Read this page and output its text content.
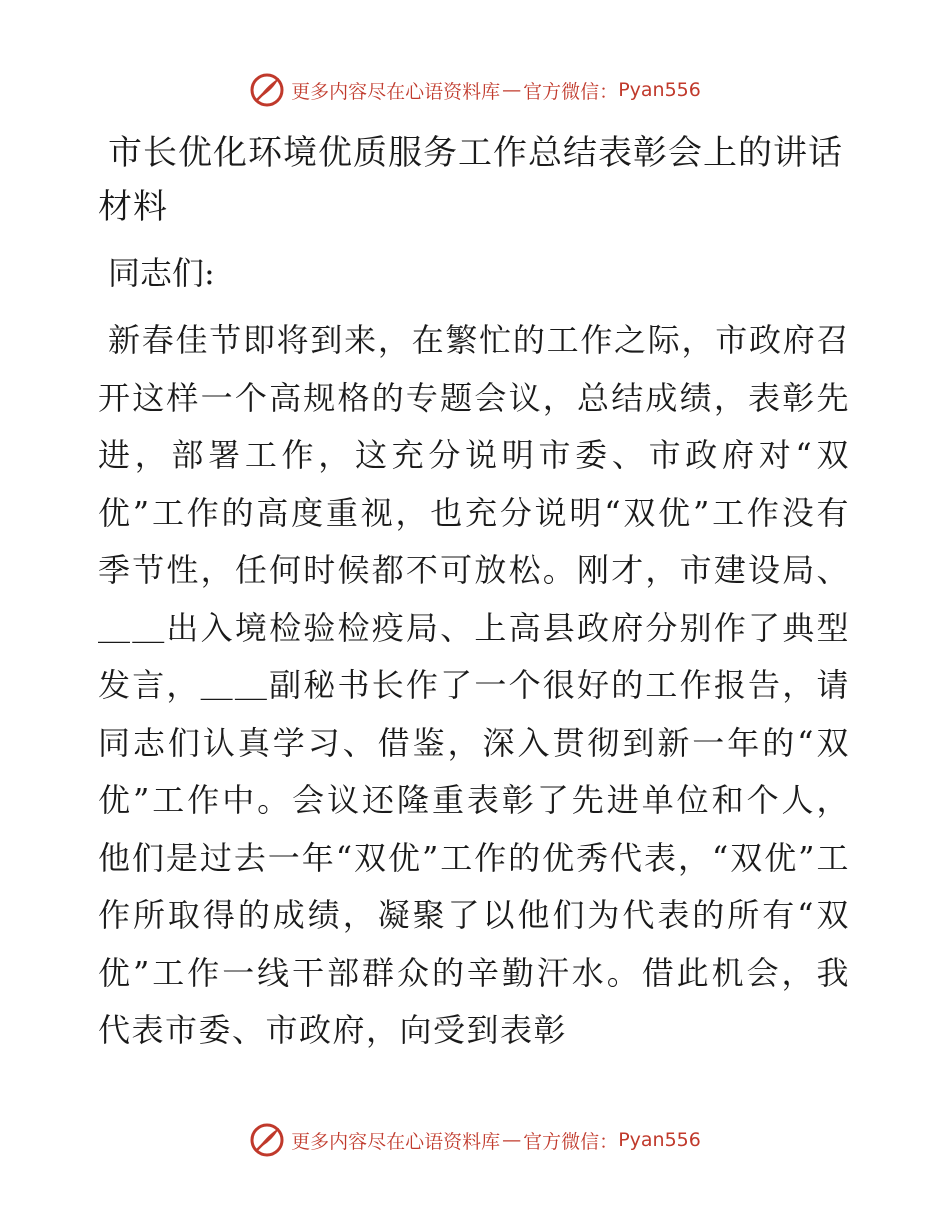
更多内容尽在心语资料库 — 官方微信： Pyan556
市长优化环境优质服务工作总结表彰会上的讲话材料

同志们:

新春佳节即将到来，在繁忙的工作之际，市政府召开这样一个高规格的专题会议，总结成绩，表彰先进，部署工作，这充分说明市委、市政府对“双优”工作的高度重视，也充分说明“双优”工作没有季节性，任何时候都不可放松。刚才，市建设局、＿＿出入境检验检疫局、上高县政府分别作了典型发言，＿＿副秘书长作了一个很好的工作报告，请同志们认真学习、借鉴，深入贯彻到新一年的“双优”工作中。会议还隆重表彰了先进单位和个人，他们是过去一年“双优”工作的优秀代表，“双优”工作所取得的成绩，凝聚了以他们为代表的所有“双优”工作一线干部群众的辛勤汗水。借此机会，我代表市委、市政府，向受到表彰

更多内容尽在心语资料库 — 官方微信： Pyan556
